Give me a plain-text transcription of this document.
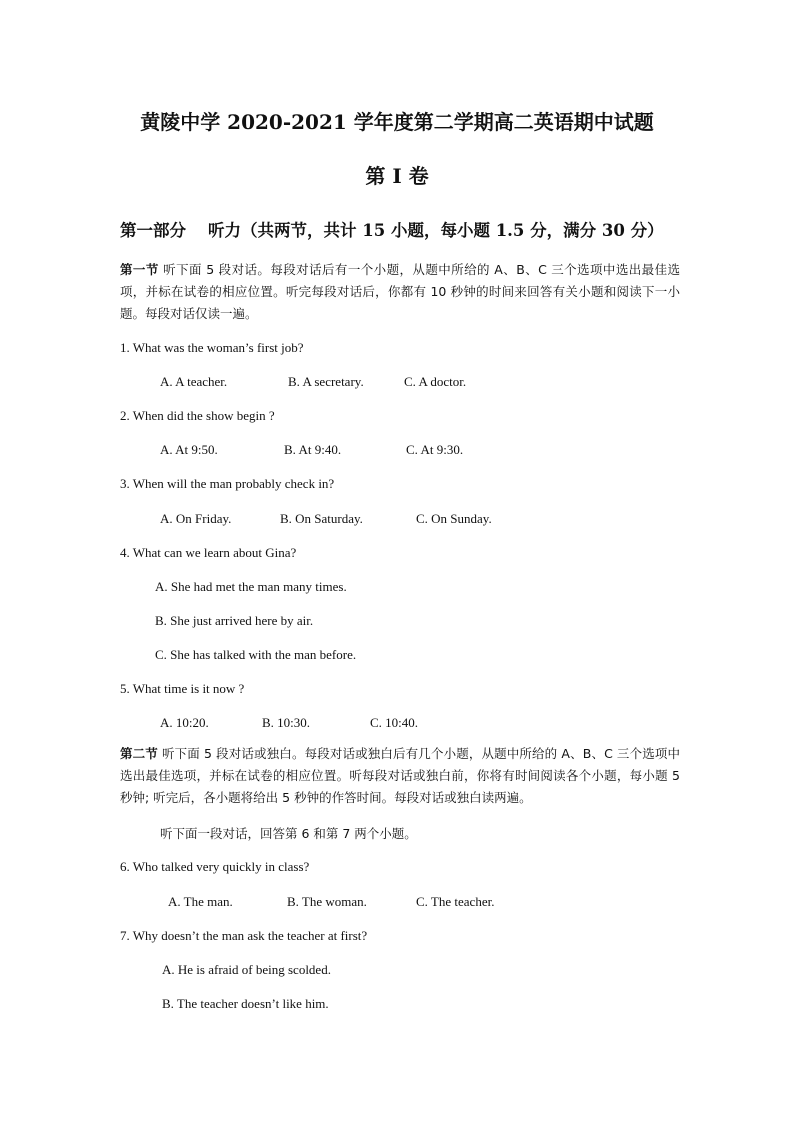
黄陵中学 2020-2021 学年度第二学期高二英语期中试题
第 I 卷
第一部分 听力（共两节，共计 15 小题，每小题 1.5 分，满分 30 分）
第一节 听下面 5 段对话。每段对话后有一个小题，从题中所给的 A、B、C 三个选项中选出最佳选项，并标在试卷的相应位置。听完每段对话后，你都有 10 秒钟的时间来回答有关小题和阅读下一小题。每段对话仅读一遍。
1. What was the woman’s first job?
A. A teacher.	B. A secretary.	C. A doctor.
2. When did the show begin ?
A. At 9:50.	B. At 9:40.	C. At 9:30.
3. When will the man probably check in?
A. On Friday.	B. On Saturday.	C. On Sunday.
4. What can we learn about Gina?
A. She had met the man many times.
B. She just arrived here by air.
C. She has talked with the man before.
5. What time is it now ?
A. 10:20.	B. 10:30.	C. 10:40.
第二节 听下面 5 段对话或独白。每段对话或独白后有几个小题，从题中所给的 A、B、C 三个选项中选出最佳选项，并标在试卷的相应位置。听每段对话或独白前，你将有时间阅读各个小题，每小题 5 秒钟; 听完后，各小题将给出 5 秒钟的作答时间。每段对话或独白读两遍。
听下面一段对话，回答第 6 和第 7 两个小题。
6. Who talked very quickly in class?
A. The man.	B. The woman.	C. The teacher.
7. Why doesn’t the man ask the teacher at first?
A. He is afraid of being scolded.
B. The teacher doesn’t like him.
